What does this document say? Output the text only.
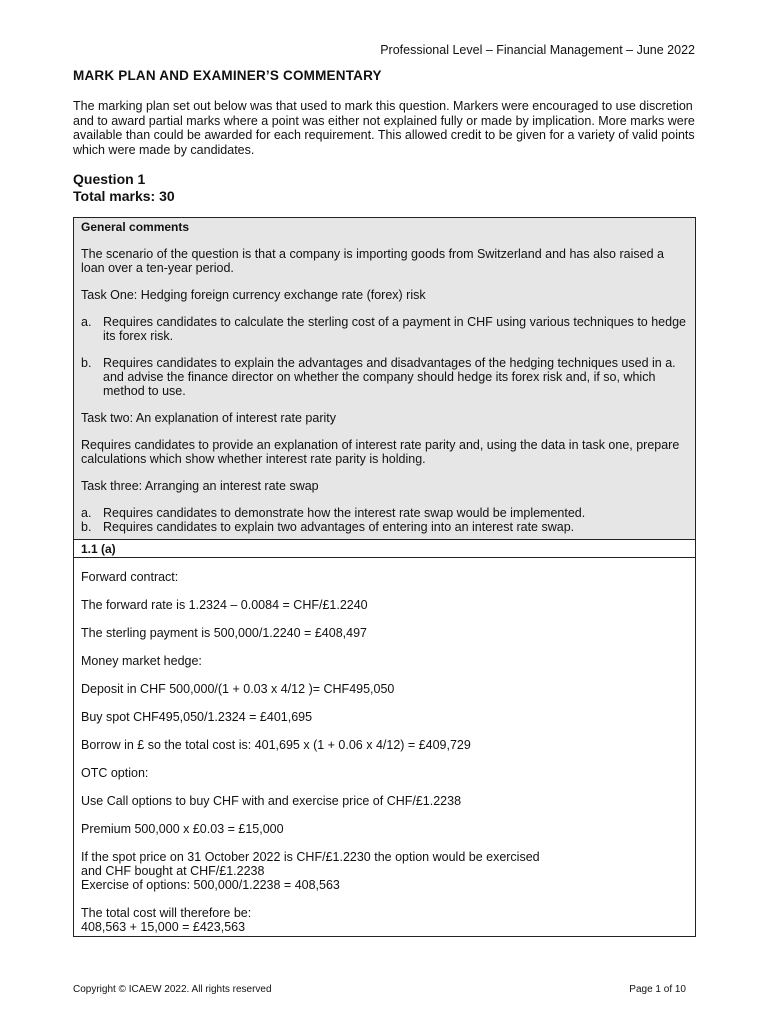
Professional Level – Financial Management – June 2022
MARK PLAN AND EXAMINER’S COMMENTARY
The marking plan set out below was that used to mark this question. Markers were encouraged to use discretion and to award partial marks where a point was either not explained fully or made by implication. More marks were available than could be awarded for each requirement. This allowed credit to be given for a variety of valid points which were made by candidates.
Question 1
Total marks: 30

General comments

The scenario of the question is that a company is importing goods from Switzerland and has also raised a loan over a ten-year period.

Task One: Hedging foreign currency exchange rate (forex) risk

a. Requires candidates to calculate the sterling cost of a payment in CHF using various techniques to hedge its forex risk.
b. Requires candidates to explain the advantages and disadvantages of the hedging techniques used in a. and advise the finance director on whether the company should hedge its forex risk and, if so, which method to use.

Task two: An explanation of interest rate parity

Requires candidates to provide an explanation of interest rate parity and, using the data in task one, prepare calculations which show whether interest rate parity is holding.

Task three: Arranging an interest rate swap

a. Requires candidates to demonstrate how the interest rate swap would be implemented.
b. Requires candidates to explain two advantages of entering into an interest rate swap.
1.1 (a)

Forward contract:

The forward rate is 1.2324 – 0.0084 = CHF/£1.2240

The sterling payment is 500,000/1.2240 = £408,497

Money market hedge:

Deposit in CHF 500,000/(1 + 0.03 x 4/12 )= CHF495,050

Buy spot CHF495,050/1.2324 = £401,695

Borrow in £ so the total cost is: 401,695 x (1 + 0.06 x 4/12) = £409,729

OTC option:

Use Call options to buy CHF with and exercise price of CHF/£1.2238

Premium 500,000 x £0.03 = £15,000

If the spot price on 31 October 2022 is CHF/£1.2230 the option would be exercised
and CHF bought at CHF/£1.2238
Exercise of options: 500,000/1.2238 = 408,563

The total cost will therefore be:
408,563 + 15,000 = £423,563

Copyright © ICAEW 2022. All rights reserved	Page 1 of 10
